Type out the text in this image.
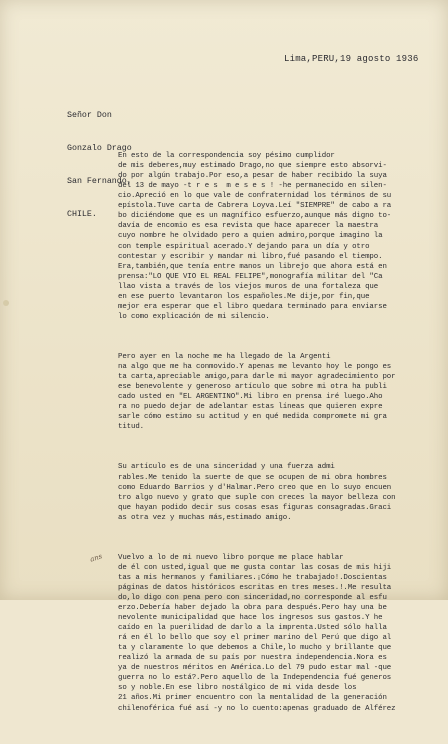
Lima,PERU,19 agosto 1936

Señor Don

Gonzalo Drago

San Fernando,

CHILE.

En esto de la correspondencia soy pésimo cumplidor
de mis deberes,muy estimado Drago,no que siempre esto absorvi-
do por algún trabajo.Por eso,a pesar de haber recibido la suya
del 13 de mayo -t r e s  m e s e s ! -he permanecido en silen-
cio.Apreció en lo que vale de confraternidad los términos de su
epístola.Tuve carta de Cabrera Loyva.Leí "SIEMPRE" de cabo a ra
bo diciéndome que es un magnífico esfuerzo,aunque más digno to-
davía de encomio es esa revista que hace aparecer la maestra
cuyo nombre he olvidado pero a quien admiro,porque imagino la
con temple espiritual acerado.Y dejando para un día y otro
contestar y escribir y mandar mi libro,fué pasando el tiempo.
Era,también,que tenía entre manos un librejo que ahora está en
prensa:"LO QUE VIO EL REAL FELIPE",monografía militar del "Ca
llao vista a través de los viejos muros de una fortaleza que
en ese puerto levantaron los españoles.Me dije,por fin,que
mejor era esperar que el libro quedara terminado para enviarse
lo como explicación de mi silencio.

Pero ayer en la noche me ha llegado de la Argenti
na algo que me ha conmovido.Y apenas me levanto hoy le pongo es
ta carta,apreciable amigo,para darle mi mayor agradecimiento por
ese benevolente y generoso artículo que sobre mi otra ha publi
cado usted en "EL ARGENTINO".Mi libro en prensa iré luego.Aho
ra no puedo dejar de adelantar estas líneas que quieren expre
sarle cómo estimo su actitud y en qué medida compromete mi gra
titud.

Su artículo es de una sinceridad y una fuerza admi
rables.Me tenido la suerte de que se ocupen de mi obra hombres
como Eduardo Barrios y d'Halmar.Pero creo que en lo suyo encuen
tro algo nuevo y grato que suple con creces la mayor belleza con
que hayan podido decir sus cosas esas figuras consagradas.Graci
as otra vez y muchas más,estimado amigo.

Vuelvo a lo de mi nuevo libro porque me place hablar
de él con usted,igual que me gusta contar las cosas de mis hiji
tas a mis hermanos y familiares.¡Cómo he trabajado!.Doscientas
páginas de datos históricos escritas en tres meses.!.Me resulta
do,lo digo con pena pero con sinceridad,no corresponde al esfu
erzo.Debería haber dejado la obra para después.Pero hay una be
nevolente municipalidad que hace los ingresos sus gastos.Y he
caído en la puerilidad de darlo a la imprenta.Usted sólo halla
rá en él lo bello que soy el primer marino del Perú que digo al
ta y claramente lo que debemos a Chile,lo mucho y brillante que
realizó la armada de su país por nuestra independencia.Nora es
ya de nuestros méritos en América.Lo del 79 pudo estar mal -que
guerra no lo está?.Pero aquello de la Independencia fué generos
so y noble.En ese libro nostálgico de mi vida desde los
21 años.Mi primer encuentro con la mentalidad de la generación
chilenoférica fué así -y no lo cuento:apenas graduado de Alférez

ans
